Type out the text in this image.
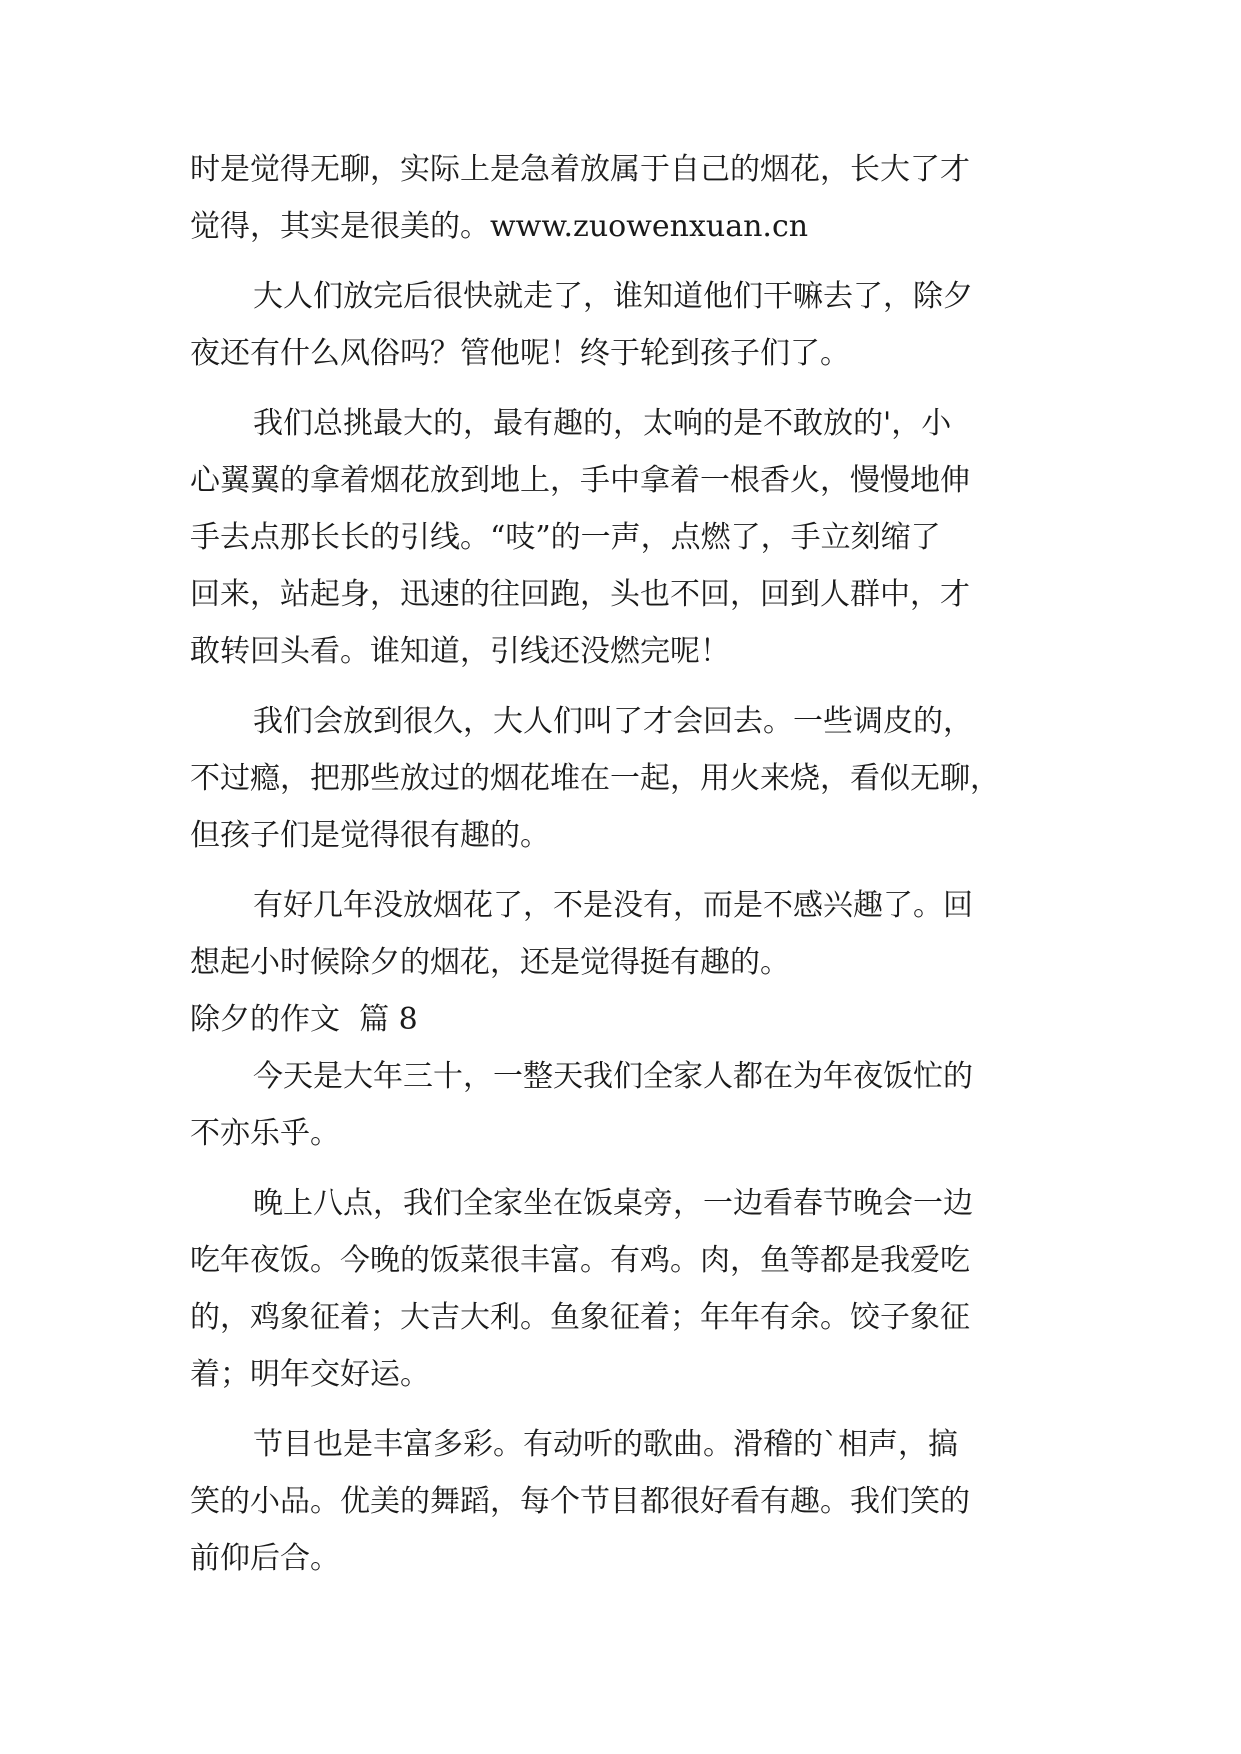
时是觉得无聊，实际上是急着放属于自己的烟花，长大了才
觉得，其实是很美的。www.zuowenxuan.cn
大人们放完后很快就走了，谁知道他们干嘛去了，除夕
夜还有什么风俗吗？管他呢！终于轮到孩子们了。
我们总挑最大的，最有趣的，太响的是不敢放的'，小
心翼翼的拿着烟花放到地上，手中拿着一根香火，慢慢地伸
手去点那长长的引线。“吱”的一声，点燃了，手立刻缩了
回来，站起身，迅速的往回跑，头也不回，回到人群中，才
敢转回头看。谁知道，引线还没燃完呢！
我们会放到很久，大人们叫了才会回去。一些调皮的，
不过瘾，把那些放过的烟花堆在一起，用火来烧，看似无聊，
但孩子们是觉得很有趣的。
有好几年没放烟花了，不是没有，而是不感兴趣了。回
想起小时候除夕的烟花，还是觉得挺有趣的。
除夕的作文  篇 8
今天是大年三十，一整天我们全家人都在为年夜饭忙的
不亦乐乎。
晚上八点，我们全家坐在饭桌旁，一边看春节晚会一边
吃年夜饭。今晚的饭菜很丰富。有鸡。肉，鱼等都是我爱吃
的，鸡象征着；大吉大利。鱼象征着；年年有余。饺子象征
着；明年交好运。
节目也是丰富多彩。有动听的歌曲。滑稽的`相声，搞
笑的小品。优美的舞蹈，每个节目都很好看有趣。我们笑的
前仰后合。
